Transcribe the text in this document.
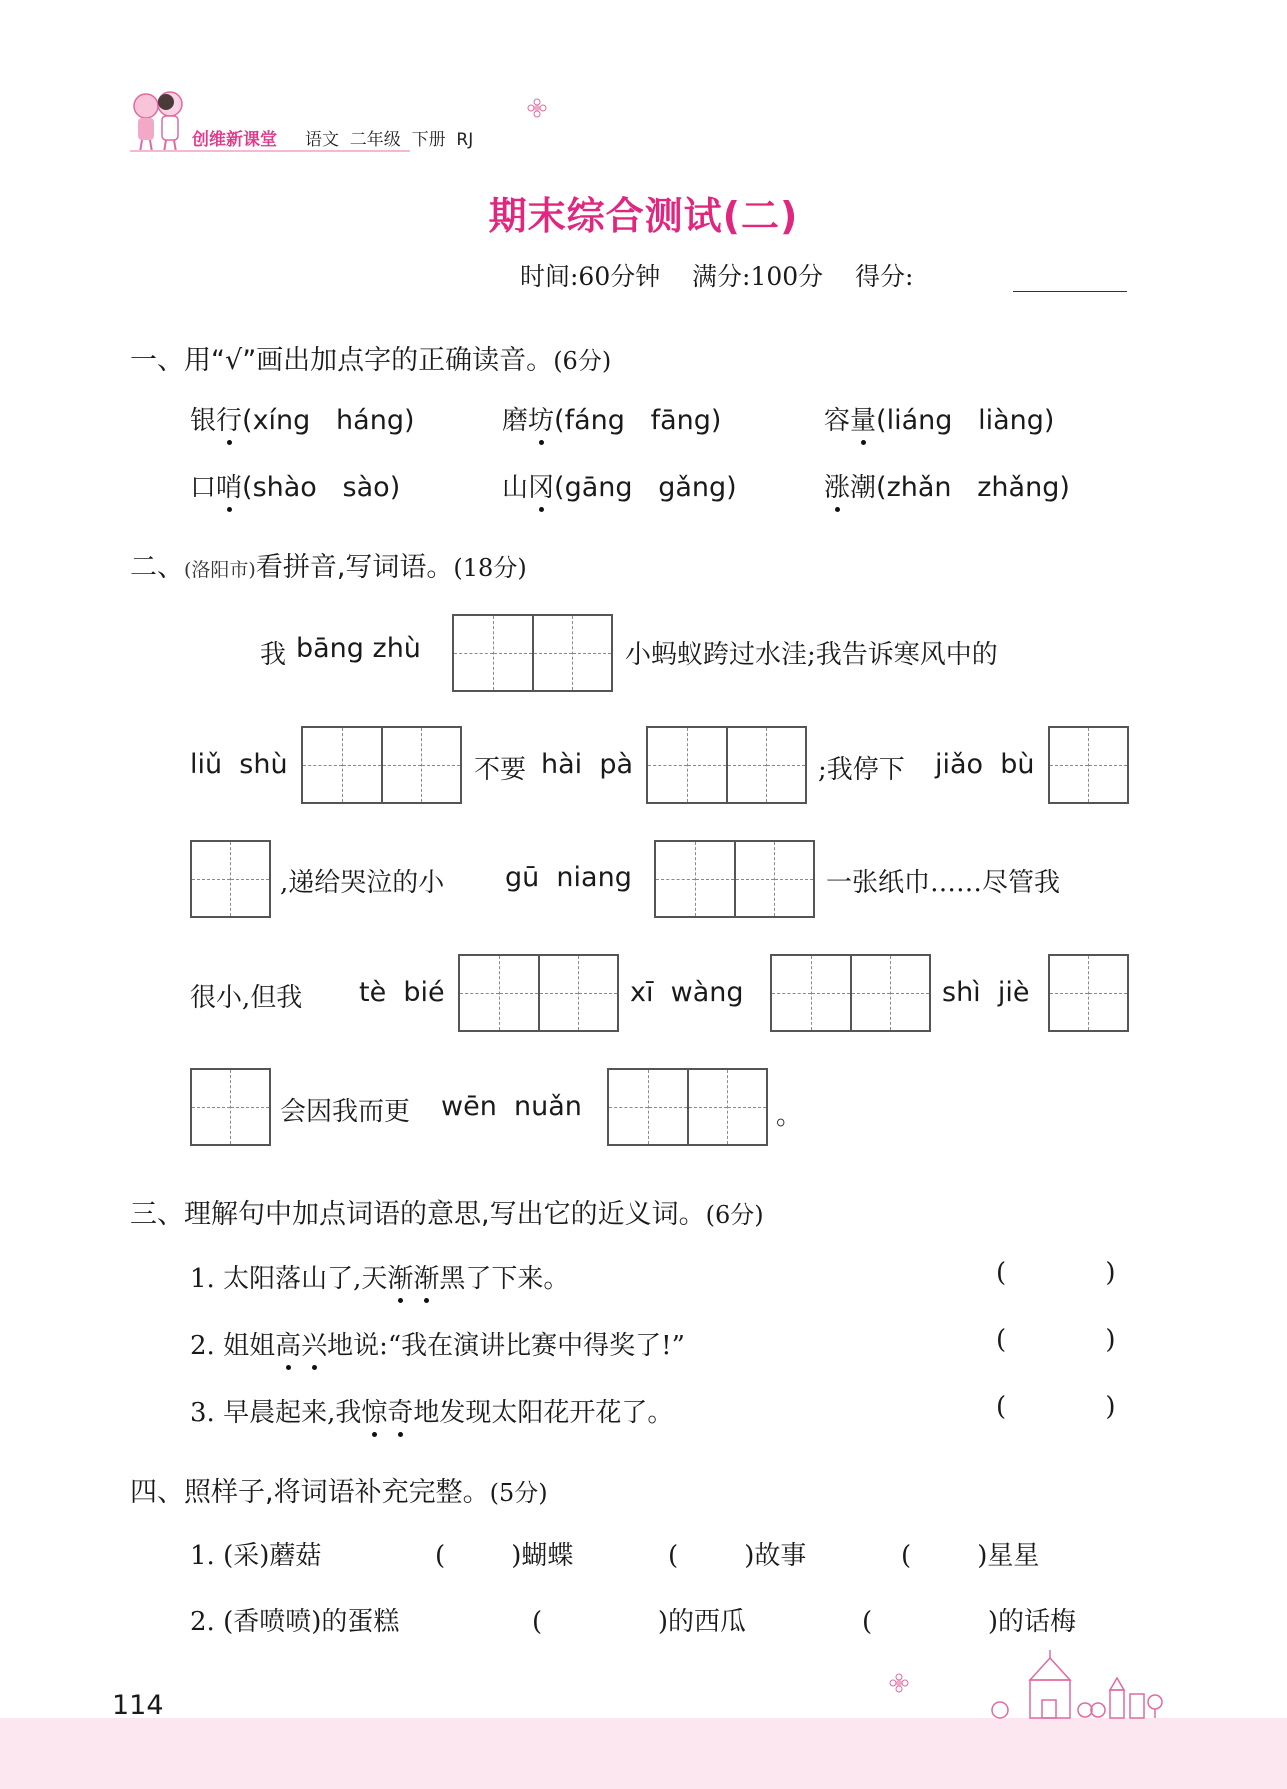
创维新课堂 语文  二年级  下册  RJ
期末综合测试(二)
时间:60分钟 满分:100分 得分:
一、用“√”画出加点字的正确读音。(6分)
银行(xíng   háng)	磨坊(fáng   fāng)	容量(liáng   liàng)
口哨(shào   sào)	山冈(gāng   gǎng)	涨潮(zhǎn   zhǎng)
二、(洛阳市)看拼音,写词语。(18分)
我 bāng zhù	小蚂蚁跨过水洼;我告诉寒风中的
liǔ  shù	不要 hài  pà	;我停下 jiǎo  bù
,递给哭泣的小 gū  niang	一张纸巾……尽管我
很小,但我 tè  bié	xī  wàng	shì  jiè
会因我而更 wēn  nuǎn	。
三、理解句中加点词语的意思,写出它的近义词。(6分)
1. 太阳落山了,天渐渐黑了下来。	(            )
2. 姐姐高兴地说:“我在演讲比赛中得奖了!”	(            )
3. 早晨起来,我惊奇地发现太阳花开花了。	(            )
四、照样子,将词语补充完整。(5分)
1. (采)蘑菇	(        )蝴蝶	(        )故事	(        )星星
2. (香喷喷)的蛋糕	(              )的西瓜	(              )的话梅
114
